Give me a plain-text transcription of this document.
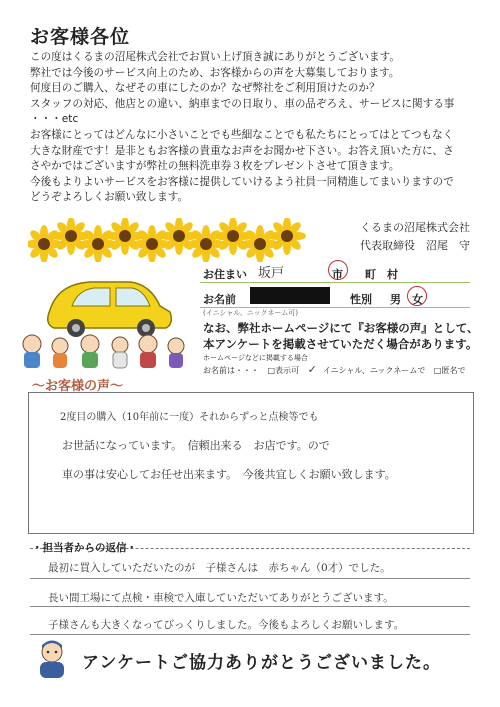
お客様各位

この度はくるまの沼尾株式会社でお買い上げ頂き誠にありがとうございます。

弊社では今後のサービス向上のため、お客様からの声を大募集しております。

何度目のご購入、なぜその車にしたのか？なぜ弊社をご利用頂けたのか？

スタッフの対応、他店との違い、納車までの日取り、車の品ぞろえ、サービスに関する事

・・・etc

お客様にとってはどんなに小さいことでも些細なことでも私たちにとってはとてつもなく

大きな財産です！是非ともお客様の貴重なお声をお聞かせ下さい。お答え頂いた方に、さ

さやかではございますが弊社の無料洗車券３枚をプレゼントさせて頂きます。

今後もよりよいサービスをお客様に提供していけるよう社員一同精進してまいりますので

どうぞよろしくお願い致します。

くるまの沼尾株式会社
代表取締役　沼尾　守
お住まい 坂戸	市 町　村
お名前	性別 男 女
(イニシャル、ニックネーム可)

なお、弊社ホームページにて『お客様の声』として、

本アンケートを掲載させていただく場合があります。

ホームページなどに掲載する場合
お名前は・・・ □表示可 ✓ イニシャル、ニックネームで □匿名で
～お客様の声～
2度目の購入（10年前に一度）それからずっと点検等でも
お世話になっています。　信頼出来る　お店です。ので
車の事は安心してお任せ出来ます。　今後共宜しくお願い致します。
・担当者からの返信・
最初に買入していただいたのが　子様さんは　赤ちゃん（0才）でした。
長い間工場にて点検・車検で入庫していただいてありがとうございます。
子様さんも大きくなってびっくりしました。今後もよろしくお願いします。
アンケートご協力ありがとうございました。
